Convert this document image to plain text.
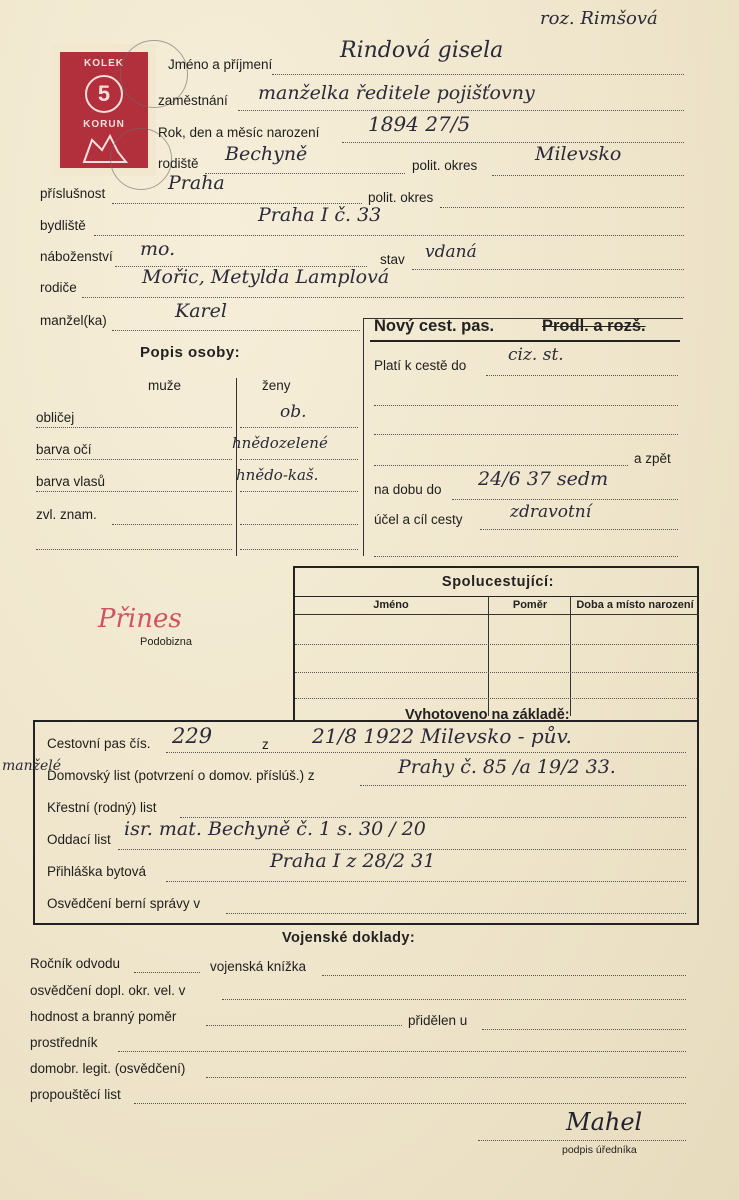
roz. Rimšová
KOLEK
5
KORUN
Jméno a příjmení
Rindová gisela
zaměstnání manželka ředitele pojišťovny
Rok, den a měsíc narození 1894 27/5
rodiště Bechyně
polit. okres
Milevsko
příslušnost	Praha
polit. okres
bydliště	Praha I č. 33
náboženství mo.	stav vdaná
rodiče	Mořic, Metylda Lamplová
manžel(ka)	Karel
Popis osoby:
muže	ženy
obličej	ob.
barva očí	hnědozelené
barva vlasů	hnědo-kaš.
zvl. znam.
Nový cest. pas.	Prodl. a rozš.
Platí k cestě do
ciz. st.
a zpět
na dobu do 24/6 37 sedm
účel a cíl cesty	zdravotní
Přines
Podobizna
Spolucestující:
Jméno	Poměr	Doba a místo narození
Vyhotoveno na základě:
manželé
Cestovní pas čís. 229	z 21/8 1922 Milevsko - pův.
Domovský list (potvrzení o domov. příslúš.) z	Prahy č. 85 /a 19/2 33.
Křestní (rodný) list
Oddací list isr. mat. Bechyně č. 1 s. 30 / 20
Přihláška bytová	Praha I z 28/2 31
Osvědčení berní správy v
Vojenské doklady:
Ročník odvodu	vojenská knížka
osvědčení dopl. okr. vel. v
hodnost a branný poměr	přidělen u
prostředník
domobr. legit. (osvědčení)
propouštěcí list
Mahel
podpis úředníka
